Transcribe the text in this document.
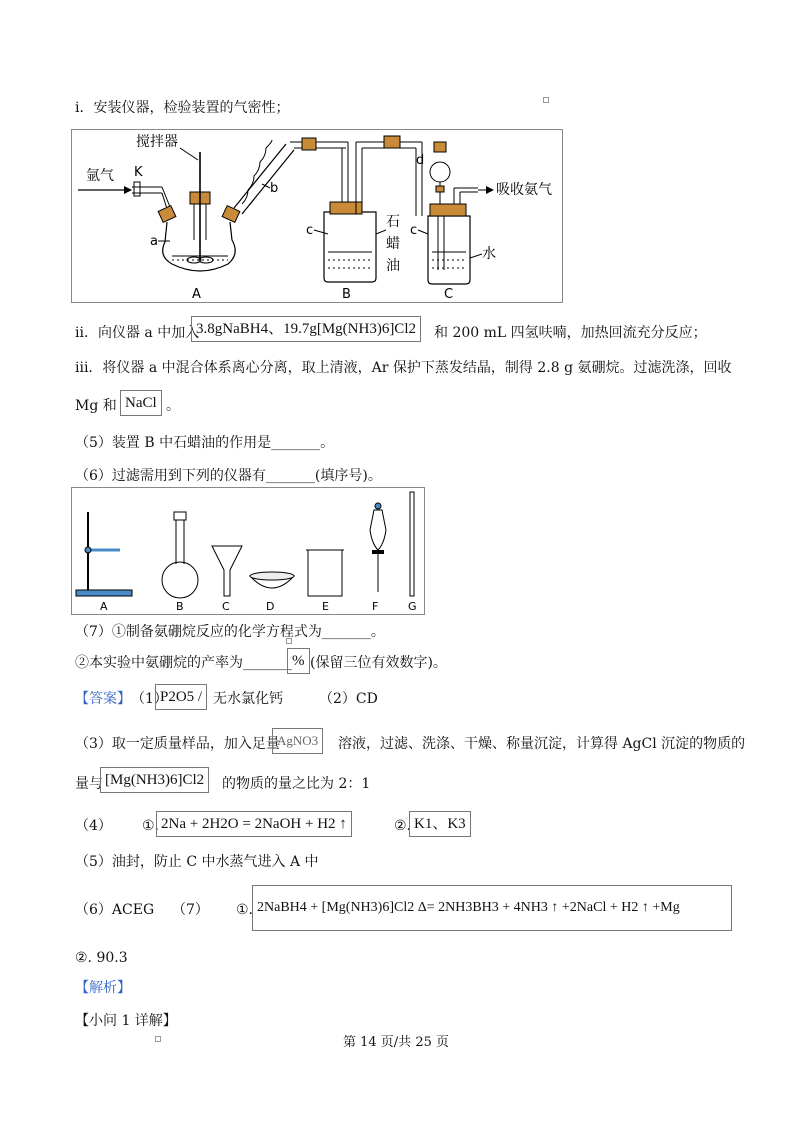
i．安装仪器，检验装置的气密性；
氩气 K
搅拌器
a
b
c
石
蜡
油
B
A
d
吸收氨气
c
水
C
ii．向仪器 a 中加入
3.8gNaBH4、19.7g[Mg(NH3)6]Cl2	和 200 mL 四氢呋喃，加热回流充分反应；
iii．将仪器 a 中混合体系离心分离，取上清液，Ar 保护下蒸发结晶，制得 2.8 g 氨硼烷。过滤洗涤，回收
Mg 和 NaCl 。
（5）装置 B 中石蜡油的作用是_______。
（6）过滤需用到下列的仪器有_______(填序号)。
A	B	C	D	E	F	G
（7）①制备氨硼烷反应的化学方程式为_______。
②本实验中氨硼烷的产率为_______ % (保留三位有效数字)。
【答案】 （1）
P2O5 / 无水氯化钙	（2）CD
（3）取一定质量样品，加入足量
AgNO3	溶液，过滤、洗涤、干燥、称量沉淀，计算得 AgCl 沉淀的物质的
量与 [Mg(NH3)6]Cl2	的物质的量之比为 2：1
（4） ①. 2Na + 2H2O = 2NaOH + H2 ↑	②. K1、K3
（5）油封，防止 C 中水蒸气进入 A 中
（6）ACEG （7） ①. 2NaBH4 + [Mg(NH3)6]Cl2 Δ= 2NH3BH3 + 4NH3 ↑ +2NaCl + H2 ↑ +Mg
②. 90.3
【解析】
【小问 1 详解】
第 14 页/共 25 页
